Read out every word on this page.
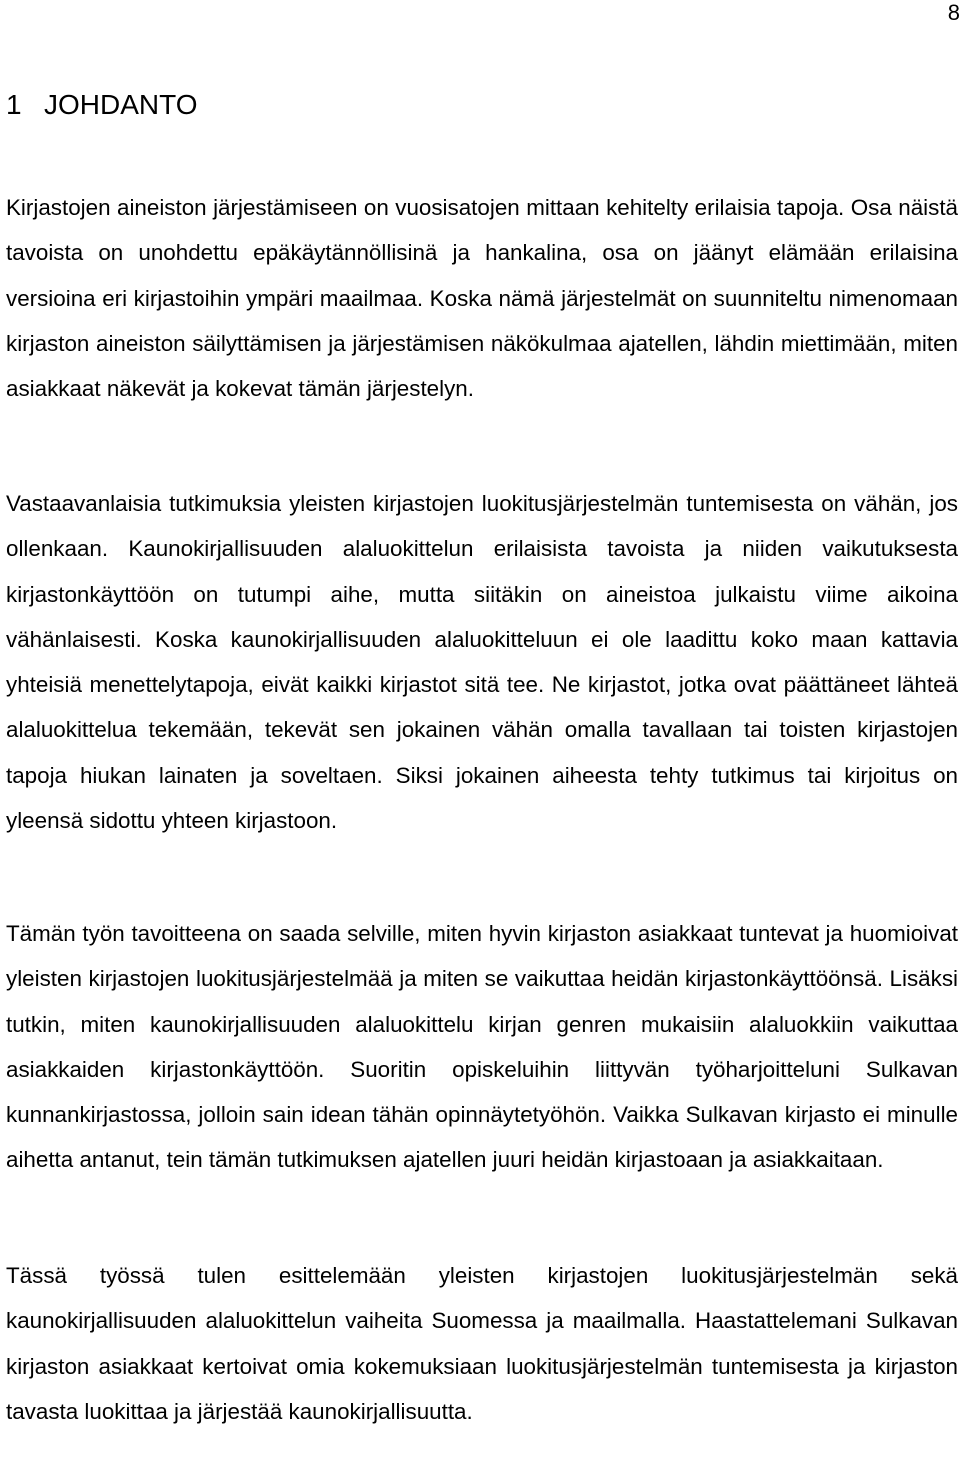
8
1 JOHDANTO

Kirjastojen aineiston järjestämiseen on vuosisatojen mittaan kehitelty erilaisia tapoja. Osa näistä tavoista on unohdettu epäkäytännöllisinä ja hankalina, osa on jäänyt elämään erilaisina versioina eri kirjastoihin ympäri maailmaa. Koska nämä järjestelmät on suunniteltu nimenomaan kirjaston aineiston säilyttämisen ja järjestämisen näkökulmaa ajatellen, lähdin miettimään, miten asiakkaat näkevät ja kokevat tämän järjestelyn.

Vastaavanlaisia tutkimuksia yleisten kirjastojen luokitusjärjestelmän tuntemisesta on vähän, jos ollenkaan. Kaunokirjallisuuden alaluokittelun erilaisista tavoista ja niiden vaikutuksesta kirjastonkäyttöön on tutumpi aihe, mutta siitäkin on aineistoa julkaistu viime aikoina vähänlaisesti. Koska kaunokirjallisuuden alaluokitteluun ei ole laadittu koko maan kattavia yhteisiä menettelytapoja, eivät kaikki kirjastot sitä tee. Ne kirjastot, jotka ovat päättäneet lähteä alaluokittelua tekemään, tekevät sen jokainen vähän omalla tavallaan tai toisten kirjastojen tapoja hiukan lainaten ja soveltaen. Siksi jokainen aiheesta tehty tutkimus tai kirjoitus on yleensä sidottu yhteen kirjastoon.

Tämän työn tavoitteena on saada selville, miten hyvin kirjaston asiakkaat tuntevat ja huomioivat yleisten kirjastojen luokitusjärjestelmää ja miten se vaikuttaa heidän kirjastonkäyttöönsä. Lisäksi tutkin, miten kaunokirjallisuuden alaluokittelu kirjan genren mukaisiin alaluokkiin vaikuttaa asiakkaiden kirjastonkäyttöön. Suoritin opiskeluihin liittyvän työharjoitteluni Sulkavan kunnankirjastossa, jolloin sain idean tähän opinnäytetyöhön. Vaikka Sulkavan kirjasto ei minulle aihetta antanut, tein tämän tutkimuksen ajatellen juuri heidän kirjastoaan ja asiakkaitaan.

Tässä työssä tulen esittelemään yleisten kirjastojen luokitusjärjestelmän sekä kaunokirjallisuuden alaluokittelun vaiheita Suomessa ja maailmalla. Haastattelemani Sulkavan kirjaston asiakkaat kertoivat omia kokemuksiaan luokitusjärjestelmän tuntemisesta ja kirjaston tavasta luokittaa ja järjestää kaunokirjallisuutta.
